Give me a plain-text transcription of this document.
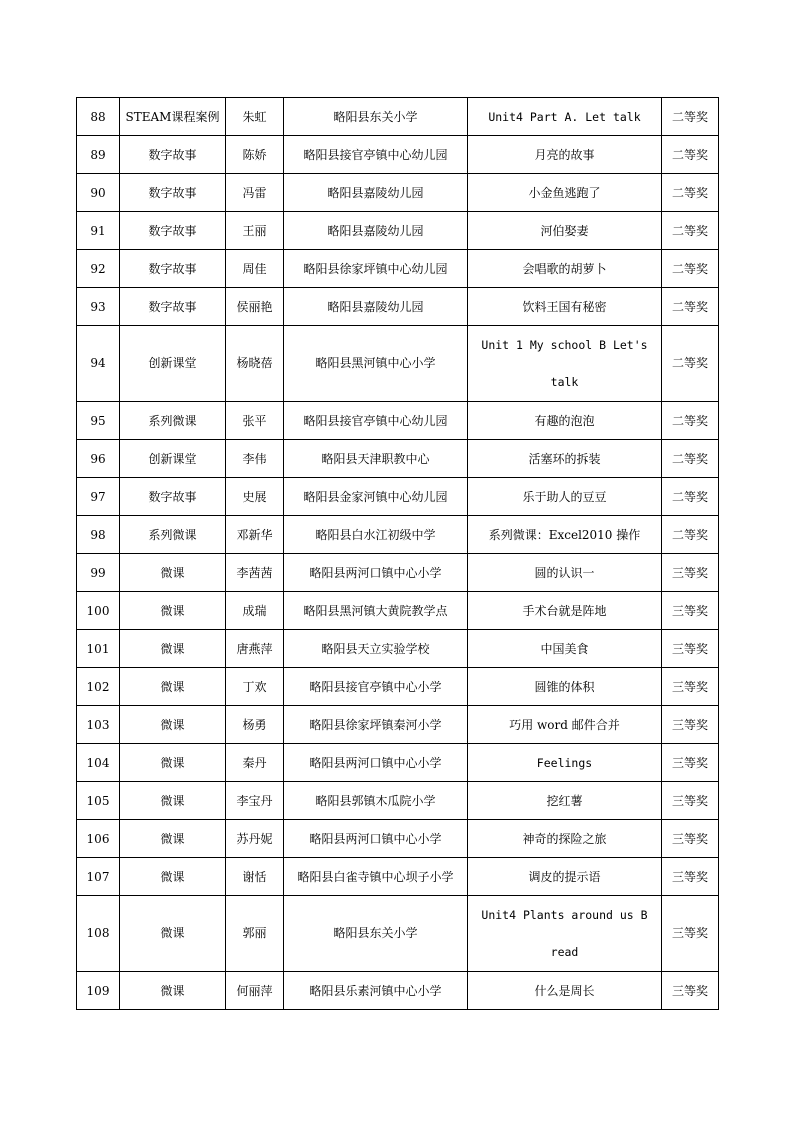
88	STEAM课程案例	朱虹	略阳县东关小学	Unit4 Part A. Let talk	二等奖
89	数字故事	陈娇	略阳县接官亭镇中心幼儿园	月亮的故事	二等奖
90	数字故事	冯雷	略阳县嘉陵幼儿园	小金鱼逃跑了	二等奖
91	数字故事	王丽	略阳县嘉陵幼儿园	河伯娶妻	二等奖
92	数字故事	周佳	略阳县徐家坪镇中心幼儿园	会唱歌的胡萝卜	二等奖
93	数字故事	侯丽艳	略阳县嘉陵幼儿园	饮料王国有秘密	二等奖
94	创新课堂	杨晓蓓	略阳县黑河镇中心小学	Unit 1 My school B Let's talk	二等奖
95	系列微课	张平	略阳县接官亭镇中心幼儿园	有趣的泡泡	二等奖
96	创新课堂	李伟	略阳县天津职教中心	活塞环的拆装	二等奖
97	数字故事	史展	略阳县金家河镇中心幼儿园	乐于助人的豆豆	二等奖
98	系列微课	邓新华	略阳县白水江初级中学	系列微课：Excel2010 操作	二等奖
99	微课	李茜茜	略阳县两河口镇中心小学	圆的认识一	三等奖
100	微课	成瑞	略阳县黑河镇大黄院教学点	手术台就是阵地	三等奖
101	微课	唐燕萍	略阳县天立实验学校	中国美食	三等奖
102	微课	丁欢	略阳县接官亭镇中心小学	圆锥的体积	三等奖
103	微课	杨勇	略阳县徐家坪镇秦河小学	巧用 word 邮件合并	三等奖
104	微课	秦丹	略阳县两河口镇中心小学	Feelings	三等奖
105	微课	李宝丹	略阳县郭镇木瓜院小学	挖红薯	三等奖
106	微课	苏丹妮	略阳县两河口镇中心小学	神奇的探险之旅	三等奖
107	微课	谢恬	略阳县白雀寺镇中心坝子小学	调皮的提示语	三等奖
108	微课	郭丽	略阳县东关小学	Unit4 Plants around us B read	三等奖
109	微课	何丽萍	略阳县乐素河镇中心小学	什么是周长	三等奖
